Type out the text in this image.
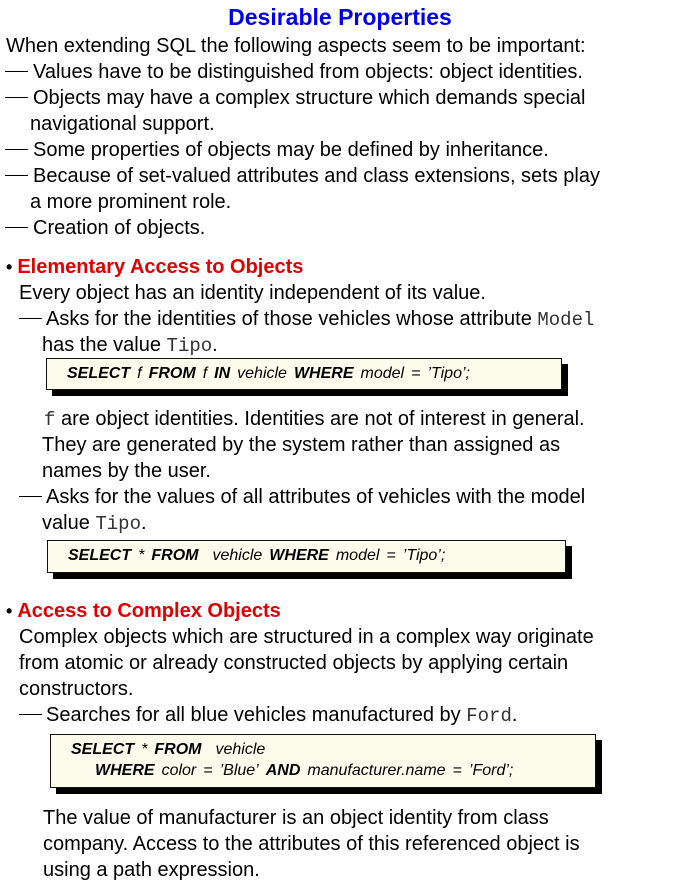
Desirable Properties
When extending SQL the following aspects seem to be important:
Values have to be distinguished from objects: object identities.
Objects may have a complex structure which demands special
navigational support.
Some properties of objects may be defined by inheritance.
Because of set-valued attributes and class extensions, sets play
a more prominent role.
Creation of objects.
• Elementary Access to Objects
Every object has an identity independent of its value.
Asks for the identities of those vehicles whose attribute Model
has the value Tipo.
SELECT f FROM f IN vehicle WHERE model = ’Tipo’;
f are object identities. Identities are not of interest in general.
They are generated by the system rather than assigned as
names by the user.
Asks for the values of all attributes of vehicles with the model
value Tipo.
SELECT * FROM vehicle WHERE model = ’Tipo’;
• Access to Complex Objects
Complex objects which are structured in a complex way originate
from atomic or already constructed objects by applying certain
constructors.
Searches for all blue vehicles manufactured by Ford.
SELECT * FROM vehicle
WHERE color = ’Blue’ AND manufacturer.name = ’Ford’;
The value of manufacturer is an object identity from class
company. Access to the attributes of this referenced object is
using a path expression.
